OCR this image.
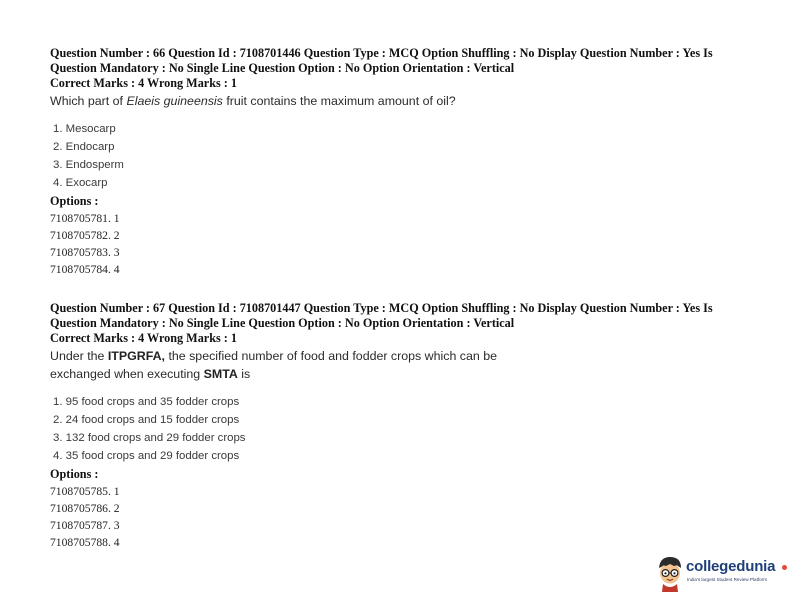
Question Number : 66 Question Id : 7108701446 Question Type : MCQ Option Shuffling : No Display Question Number : Yes Is
Question Mandatory : No Single Line Question Option : No Option Orientation : Vertical
Correct Marks : 4 Wrong Marks : 1
Which part of Elaeis guineensis fruit contains the maximum amount of oil?
1. Mesocarp
2. Endocarp
3. Endosperm
4. Exocarp
Options :
7108705781. 1
7108705782. 2
7108705783. 3
7108705784. 4
Question Number : 67 Question Id : 7108701447 Question Type : MCQ Option Shuffling : No Display Question Number : Yes Is
Question Mandatory : No Single Line Question Option : No Option Orientation : Vertical
Correct Marks : 4 Wrong Marks : 1
Under the ITPGRFA, the specified number of food and fodder crops which can be
exchanged when executing SMTA is
1. 95 food crops and 35 fodder crops
2. 24 food crops and 15 fodder crops
3. 132 food crops and 29 fodder crops
4. 35 food crops and 29 fodder crops
Options :
7108705785. 1
7108705786. 2
7108705787. 3
7108705788. 4
collegedunia
India's largest Student Review Platform
